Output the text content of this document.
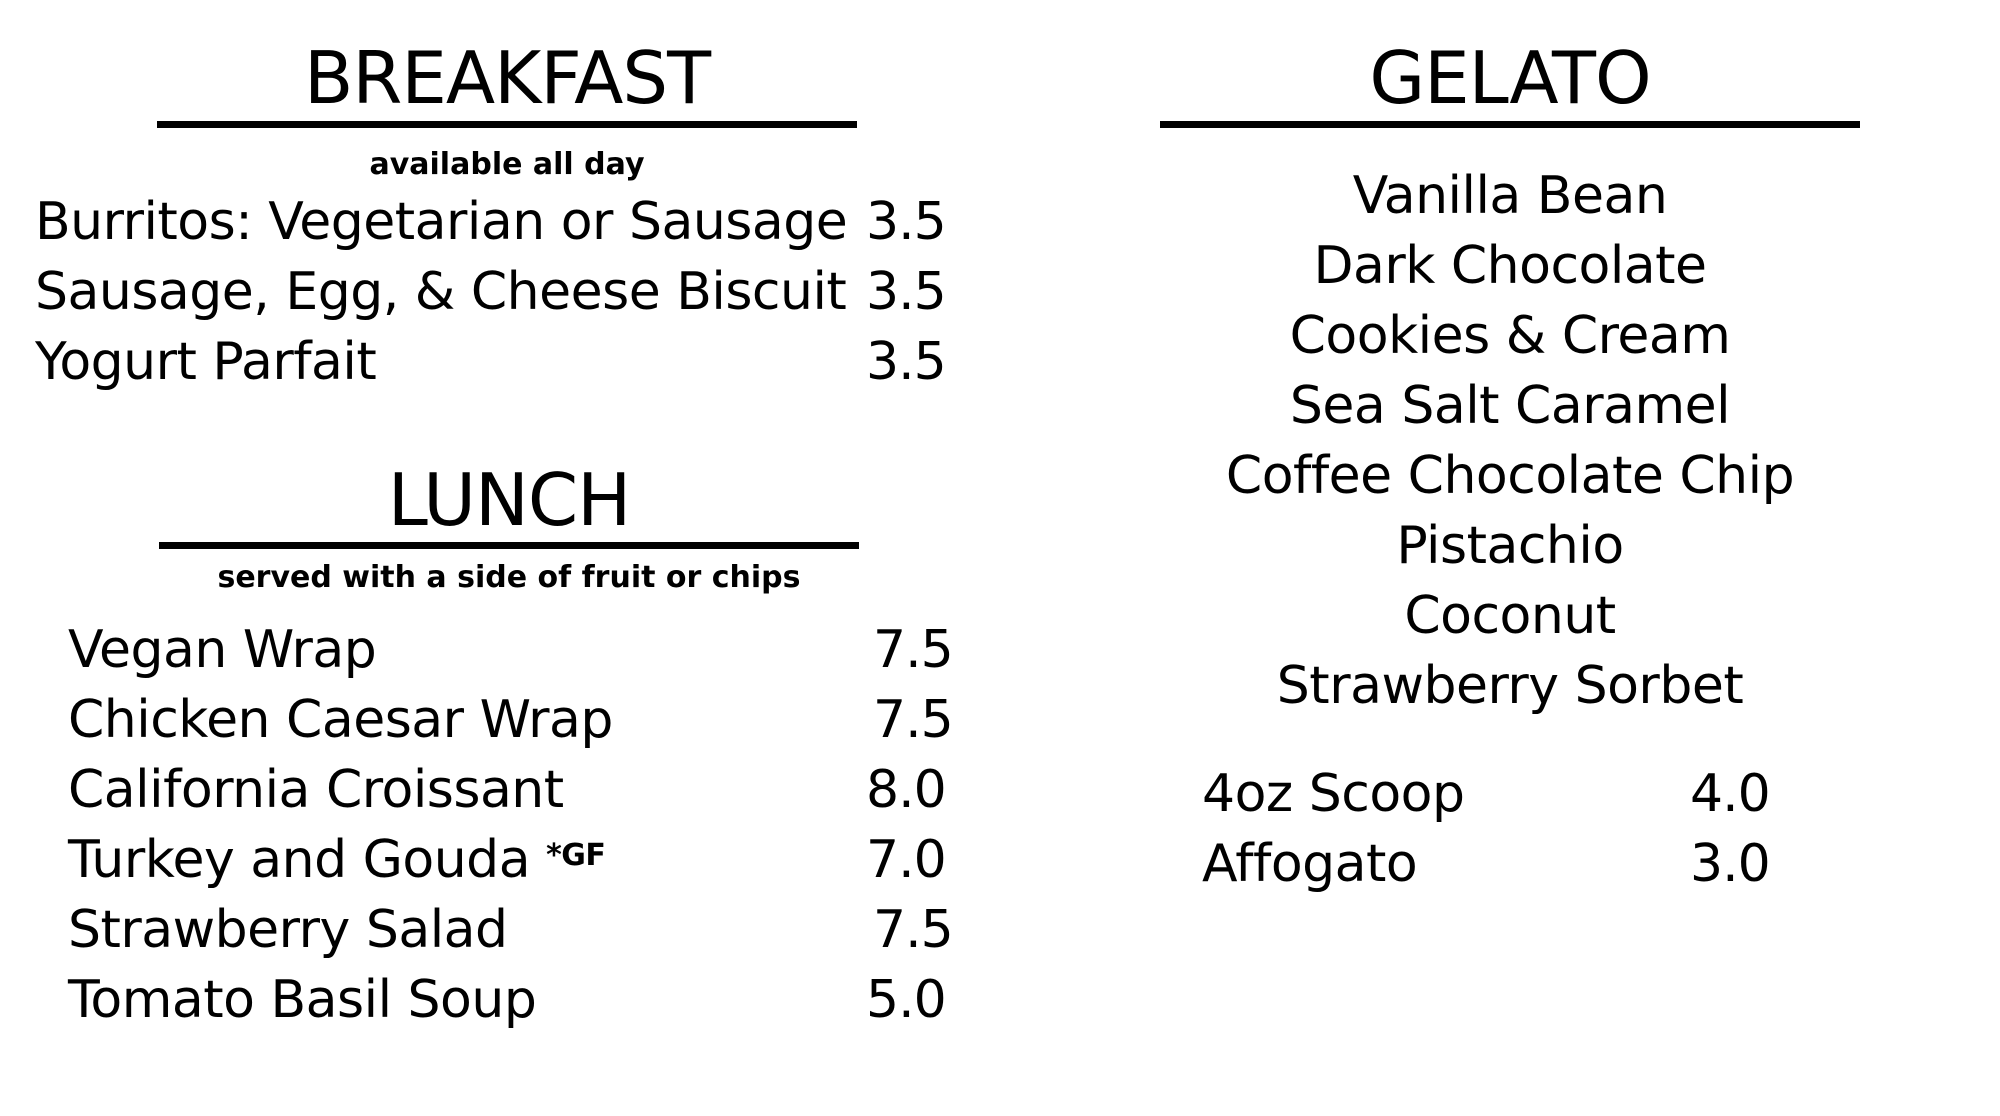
BREAKFAST
available all day
Burritos: Vegetarian or Sausage 3.5
Sausage, Egg, & Cheese Biscuit 3.5
Yogurt Parfait	3.5
LUNCH
served with a side of fruit or chips
Vegan Wrap	7.5
Chicken Caesar Wrap	7.5
California Croissant	8.0
Turkey and Gouda $^{*GF}$	7.0
Strawberry Salad	7.5
Tomato Basil Soup	5.0
GELATO
Vanilla Bean
Dark Chocolate
Cookies & Cream
Sea Salt Caramel
Coffee Chocolate Chip
Pistachio
Coconut
Strawberry Sorbet
4oz Scoop	4.0
Affogato	3.0
